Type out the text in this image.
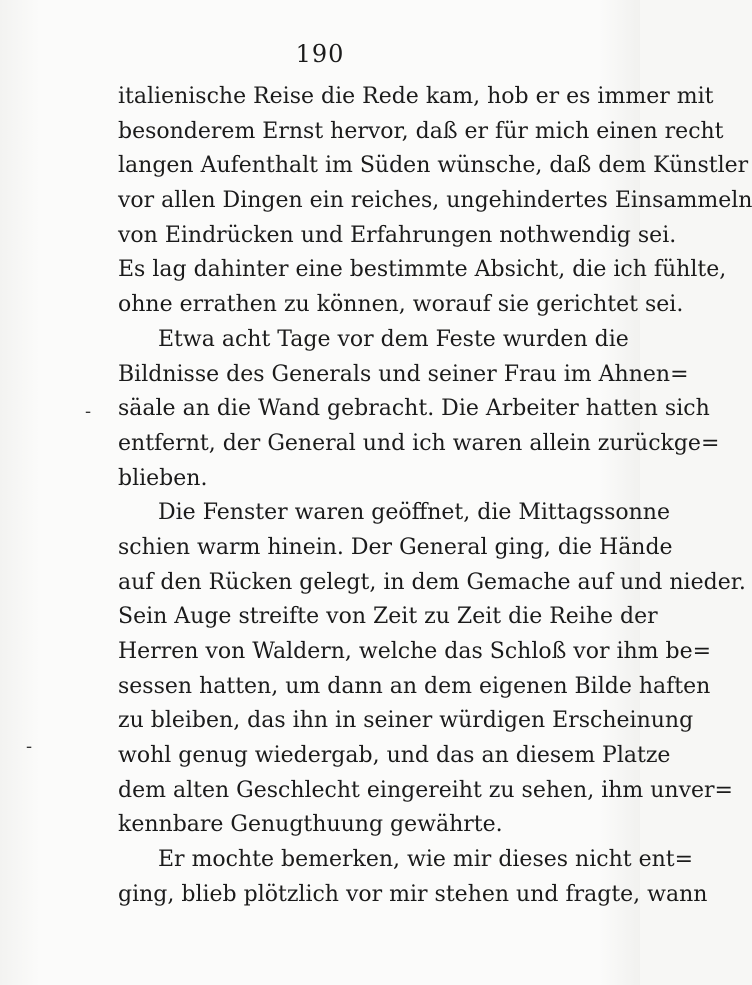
190
italienische Reise die Rede kam, hob er es immer mit
besonderem Ernst hervor, daß er für mich einen recht
langen Aufenthalt im Süden wünsche, daß dem Künstler
vor allen Dingen ein reiches, ungehindertes Einsammeln
von Eindrücken und Erfahrungen nothwendig sei.
Es lag dahinter eine bestimmte Absicht, die ich fühlte,
ohne errathen zu können, worauf sie gerichtet sei.
Etwa acht Tage vor dem Feste wurden die
Bildnisse des Generals und seiner Frau im Ahnen=
säale an die Wand gebracht. Die Arbeiter hatten sich
entfernt, der General und ich waren allein zurückge=
blieben.
Die Fenster waren geöffnet, die Mittagssonne
schien warm hinein. Der General ging, die Hände
auf den Rücken gelegt, in dem Gemache auf und nieder.
Sein Auge streifte von Zeit zu Zeit die Reihe der
Herren von Waldern, welche das Schloß vor ihm be=
sessen hatten, um dann an dem eigenen Bilde haften
zu bleiben, das ihn in seiner würdigen Erscheinung
wohl genug wiedergab, und das an diesem Platze
dem alten Geschlecht eingereiht zu sehen, ihm unver=
kennbare Genugthuung gewährte.
Er mochte bemerken, wie mir dieses nicht ent=
ging, blieb plötzlich vor mir stehen und fragte, wann
-
-
